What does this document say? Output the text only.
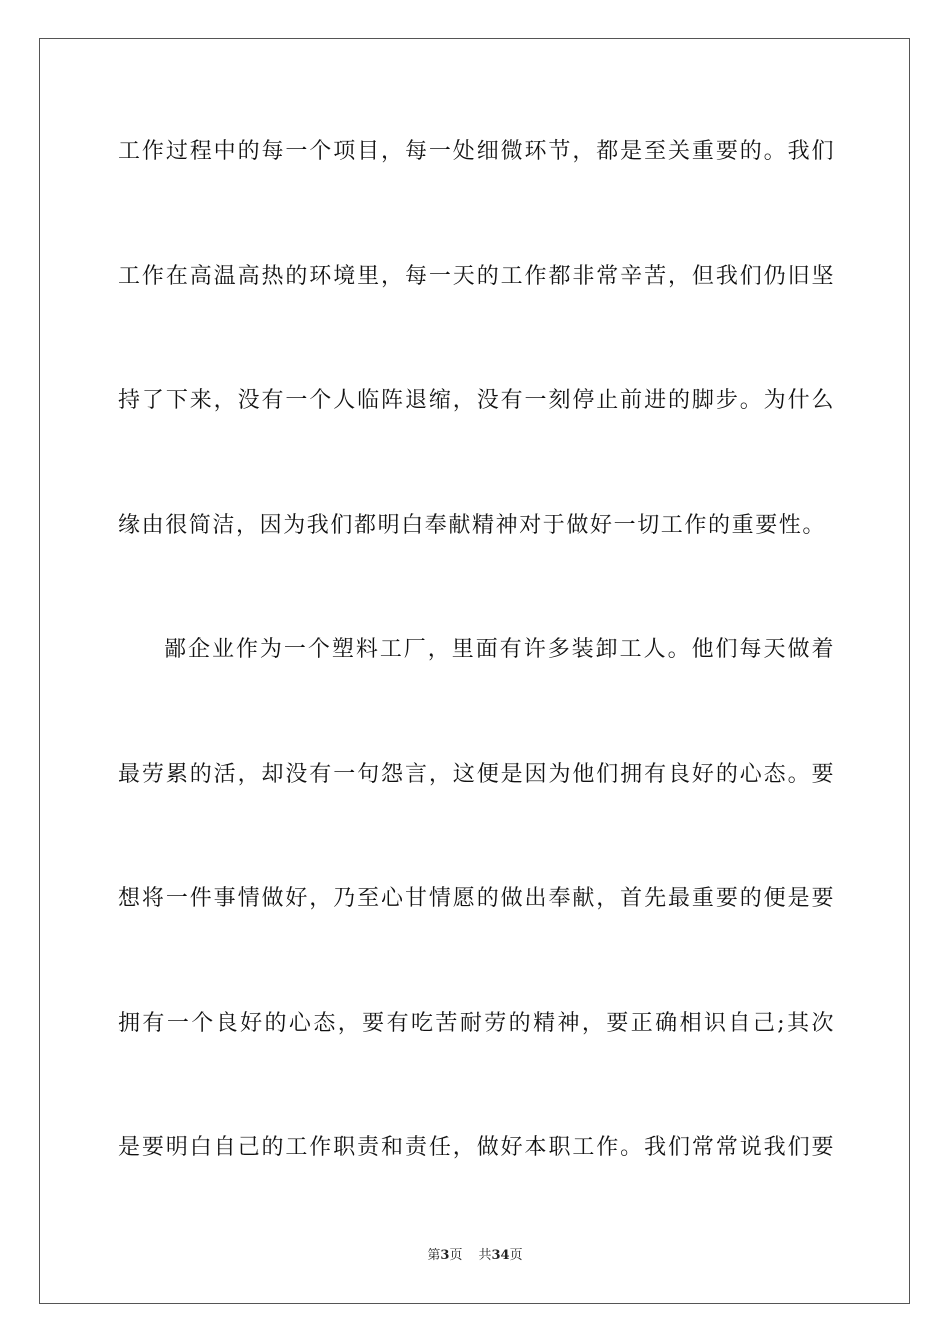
工作过程中的每一个项目，每一处细微环节，都是至关重要的。我们
工作在高温高热的环境里，每一天的工作都非常辛苦，但我们仍旧坚
持了下来，没有一个人临阵退缩，没有一刻停止前进的脚步。为什么
缘由很简洁，因为我们都明白奉献精神对于做好一切工作的重要性。
鄙企业作为一个塑料工厂，里面有许多装卸工人。他们每天做着
最劳累的活，却没有一句怨言，这便是因为他们拥有良好的心态。要
想将一件事情做好，乃至心甘情愿的做出奉献，首先最重要的便是要
拥有一个良好的心态，要有吃苦耐劳的精神，要正确相识自己;其次
是要明白自己的工作职责和责任，做好本职工作。我们常常说我们要
第3页 共34页
